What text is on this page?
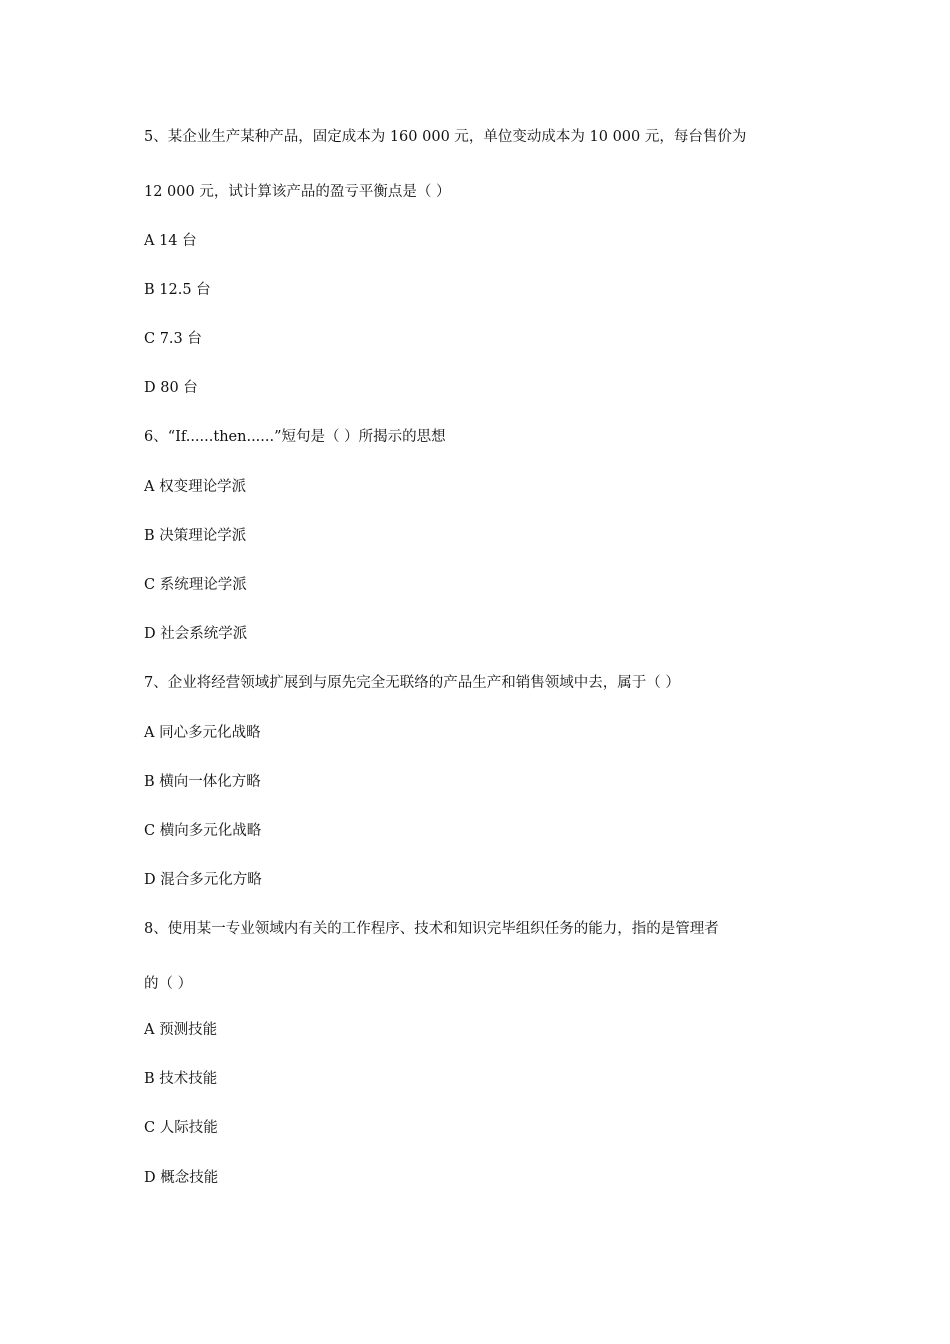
5、某企业生产某种产品，固定成本为 160 000 元，单位变动成本为 10 000 元，每台售价为
12 000 元，试计算该产品的盈亏平衡点是（ ）
A 14 台
B 12.5 台
C 7.3 台
D 80 台
6、“If......then......”短句是（ ）所揭示的思想
A 权变理论学派
B 决策理论学派
C 系统理论学派
D 社会系统学派
7、企业将经营领域扩展到与原先完全无联络的产品生产和销售领域中去，属于（ ）
A 同心多元化战略
B 横向一体化方略
C 横向多元化战略
D 混合多元化方略
8、使用某一专业领域内有关的工作程序、技术和知识完毕组织任务的能力，指的是管理者
的（ ）
A 预测技能
B 技术技能
C 人际技能
D 概念技能
